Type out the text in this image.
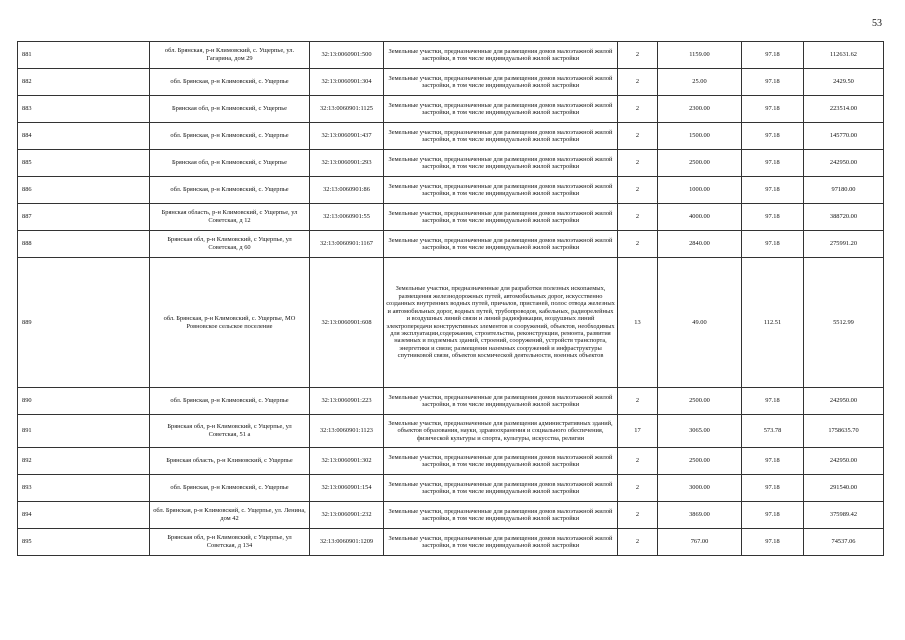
53
881	обл. Брянская, р-н Климовский, с. Ущерпье, ул. Гагарина, дом 29	32:13:0060901:500	Земельные участки, предназначенные для размещения домов малоэтажной жилой застройки, в том числе индивидуальной жилой застройки	2	1159.00	97.18	112631.62
882	обл. Брянская, р-н Климовский, с. Ущерпье	32:13:0060901:304	Земельные участки, предназначенные для размещения домов малоэтажной жилой застройки, в том числе индивидуальной жилой застройки	2	25.00	97.18	2429.50
883	Брянская обл, р-н Климовский, с Ущерпье	32:13:0060901:1125	Земельные участки, предназначенные для размещения домов малоэтажной жилой застройки, в том числе индивидуальной жилой застройки	2	2300.00	97.18	223514.00
884	обл. Брянская, р-н Климовский, с. Ущерпье	32:13:0060901:437	Земельные участки, предназначенные для размещения домов малоэтажной жилой застройки, в том числе индивидуальной жилой застройки	2	1500.00	97.18	145770.00
885	Брянская обл, р-н Климовский, с Ущерпье	32:13:0060901:293	Земельные участки, предназначенные для размещения домов малоэтажной жилой застройки, в том числе индивидуальной жилой застройки	2	2500.00	97.18	242950.00
886	обл. Брянская, р-н Климовский, с. Ущерпье	32:13:0060901:86	Земельные участки, предназначенные для размещения домов малоэтажной жилой застройки, в том числе индивидуальной жилой застройки	2	1000.00	97.18	97180.00
887	Брянская область, р-н Климовский, с Ущерпье, ул Советская, д 12	32:13:0060901:55	Земельные участки, предназначенные для размещения домов малоэтажной жилой застройки, в том числе индивидуальной жилой застройки	2	4000.00	97.18	388720.00
888	Брянская обл, р-н Климовский, с Ущерпье, ул Советская, д 60	32:13:0060901:1167	Земельные участки, предназначенные для размещения домов малоэтажной жилой застройки, в том числе индивидуальной жилой застройки	2	2840.00	97.18	275991.20
889	обл. Брянская, р-н Климовский, с. Ущерпье, МО Ровновское сельское поселение	32:13:0060901:608	Земельные участки, предназначенные для разработки полезных ископаемых, размещения железнодорожных путей, автомобильных дорог, искусственно созданных внутренних водных путей, причалов, пристаней, полос отвода железных и автомобильных дорог, водных путей, трубопроводов, кабельных, радиорелейных и воздушных линий связи и линий радиофикации, воздушных линий электропередачи конструктивных элементов и сооружений, объектов, необходимых для эксплуатации,содержания, строительства, реконструкции, ремонта, развития наземных и подземных зданий, строений, сооружений, устройств транспорта, энергетики и связи; размещения наземных сооружений и инфраструктуры спутниковой связи, объектов космической деятельности, военных объектов	13	49.00	112.51	5512.99
890	обл. Брянская, р-н Климовский, с. Ущерпье	32:13:0060901:223	Земельные участки, предназначенные для размещения домов малоэтажной жилой застройки, в том числе индивидуальной жилой застройки	2	2500.00	97.18	242950.00
891	Брянская обл, р-н Климовский, с Ущерпье, ул Советская, 51 а	32:13:0060901:1123	Земельные участки, предназначенные для размещения административных зданий, объектов образования, науки, здравоохранения и социального обеспечения, физической культуры и спорта, культуры, искусства, религии	17	3065.00	573.78	1758635.70
892	Брянская область, р-н Климовский, с Ущерпье	32:13:0060901:302	Земельные участки, предназначенные для размещения домов малоэтажной жилой застройки, в том числе индивидуальной жилой застройки	2	2500.00	97.18	242950.00
893	обл. Брянская, р-н Климовский, с. Ущерпье	32:13:0060901:154	Земельные участки, предназначенные для размещения домов малоэтажной жилой застройки, в том числе индивидуальной жилой застройки	2	3000.00	97.18	291540.00
894	обл. Брянская, р-н Климовский, с. Ущерпье, ул. Ленина, дом 42	32:13:0060901:232	Земельные участки, предназначенные для размещения домов малоэтажной жилой застройки, в том числе индивидуальной жилой застройки	2	3869.00	97.18	375989.42
895	Брянская обл, р-н Климовский, с Ущерпье, ул Советская, д 134	32:13:0060901:1209	Земельные участки, предназначенные для размещения домов малоэтажной жилой застройки, в том числе индивидуальной жилой застройки	2	767.00	97.18	74537.06
